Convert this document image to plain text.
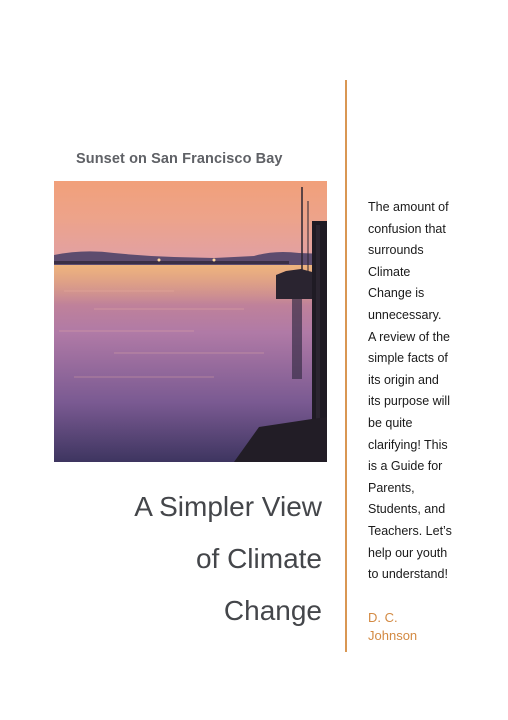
Sunset on San Francisco Bay
A Simpler View
of Climate
Change
The amount of
confusion that
surrounds
Climate
Change is
unnecessary.
A review of the
simple facts of
its origin and
its purpose will
be quite
clarifying! This
is a Guide for
Parents,
Students, and
Teachers. Let’s
help our youth
to understand!
D. C.
Johnson
